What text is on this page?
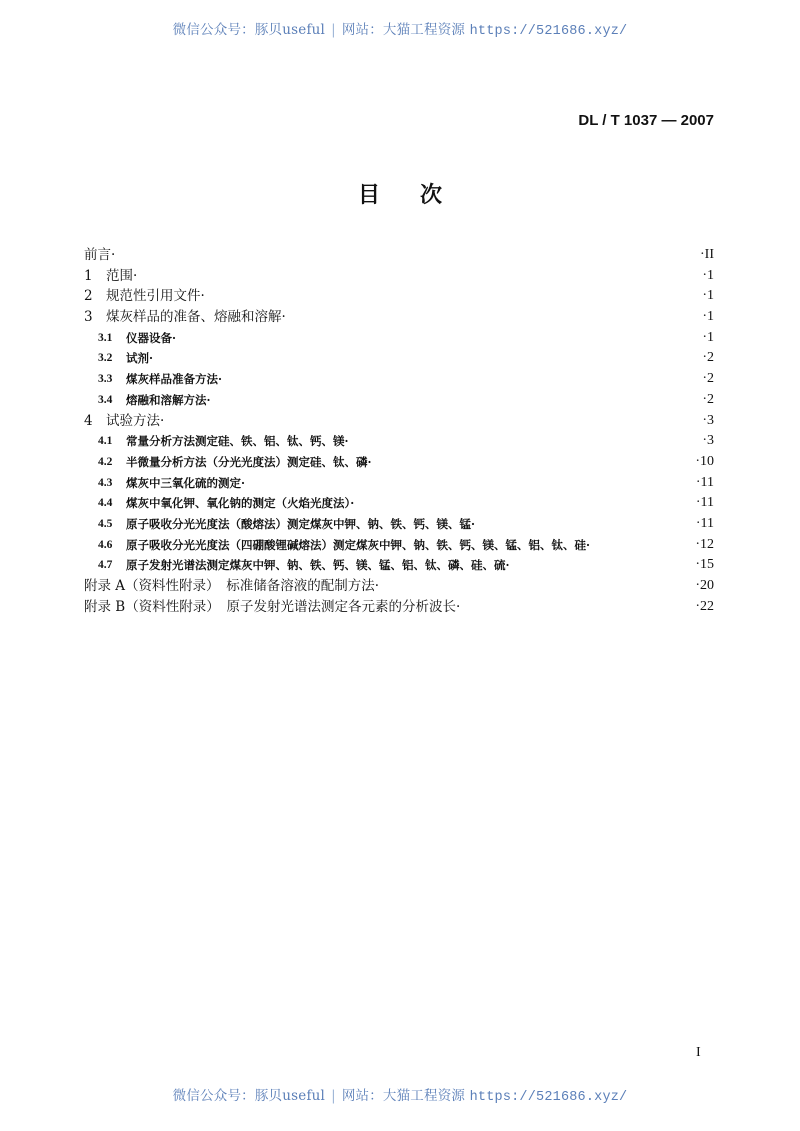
微信公众号：豚贝useful | 网站：大猫工程资源 https://521686.xyz/
DL / T 1037 — 2007
目次
前言·	·II
1 范围·	·1
2 规范性引用文件·	·1
3 煤灰样品的准备、熔融和溶解·	·1
3.1 仪器设备·	·1
3.2 试剂·	·2
3.3 煤灰样品准备方法·	·2
3.4 熔融和溶解方法·	·2
4 试验方法·	·3
4.1 常量分析方法测定硅、铁、铝、钛、钙、镁·	·3
4.2 半微量分析方法（分光光度法）测定硅、钛、磷·	·10
4.3 煤灰中三氧化硫的测定·	·11
4.4 煤灰中氧化钾、氧化钠的测定（火焰光度法）·	·11
4.5 原子吸收分光光度法（酸熔法）测定煤灰中钾、钠、铁、钙、镁、锰·	·11
4.6 原子吸收分光光度法（四硼酸锂碱熔法）测定煤灰中钾、钠、铁、钙、镁、锰、铝、钛、硅·	·12
4.7 原子发射光谱法测定煤灰中钾、钠、铁、钙、镁、锰、铝、钛、磷、硅、硫·	·15
附录 A（资料性附录）　标准储备溶液的配制方法·	·20
附录 B（资料性附录）　原子发射光谱法测定各元素的分析波长·	·22
I
微信公众号：豚贝useful | 网站：大猫工程资源 https://521686.xyz/
